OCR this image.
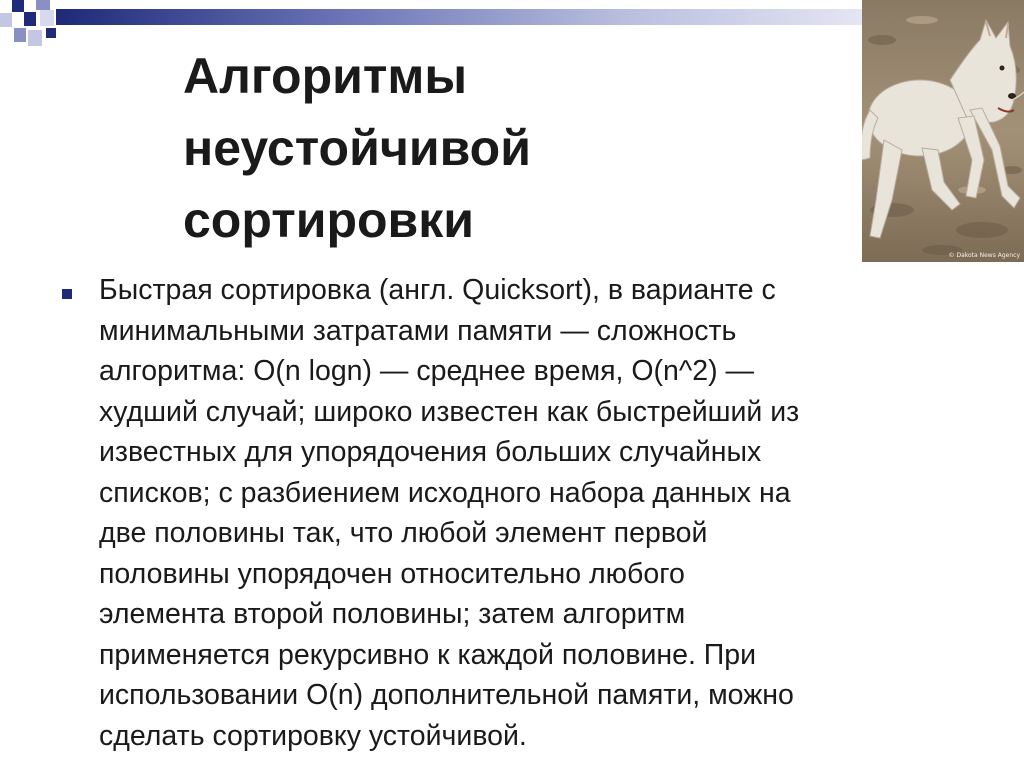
© Dakota News Agency
Алгоритмы
неустойчивой
сортировки
Быстрая сортировка (англ. Quicksort), в варианте с
минимальными затратами памяти — сложность
алгоритма: O(n logn) — среднее время, O(n^2) —
худший случай; широко известен как быстрейший из
известных для упорядочения больших случайных
списков; с разбиением исходного набора данных на
две половины так, что любой элемент первой
половины упорядочен относительно любого
элемента второй половины; затем алгоритм
применяется рекурсивно к каждой половине. При
использовании O(n) дополнительной памяти, можно
сделать сортировку устойчивой.
